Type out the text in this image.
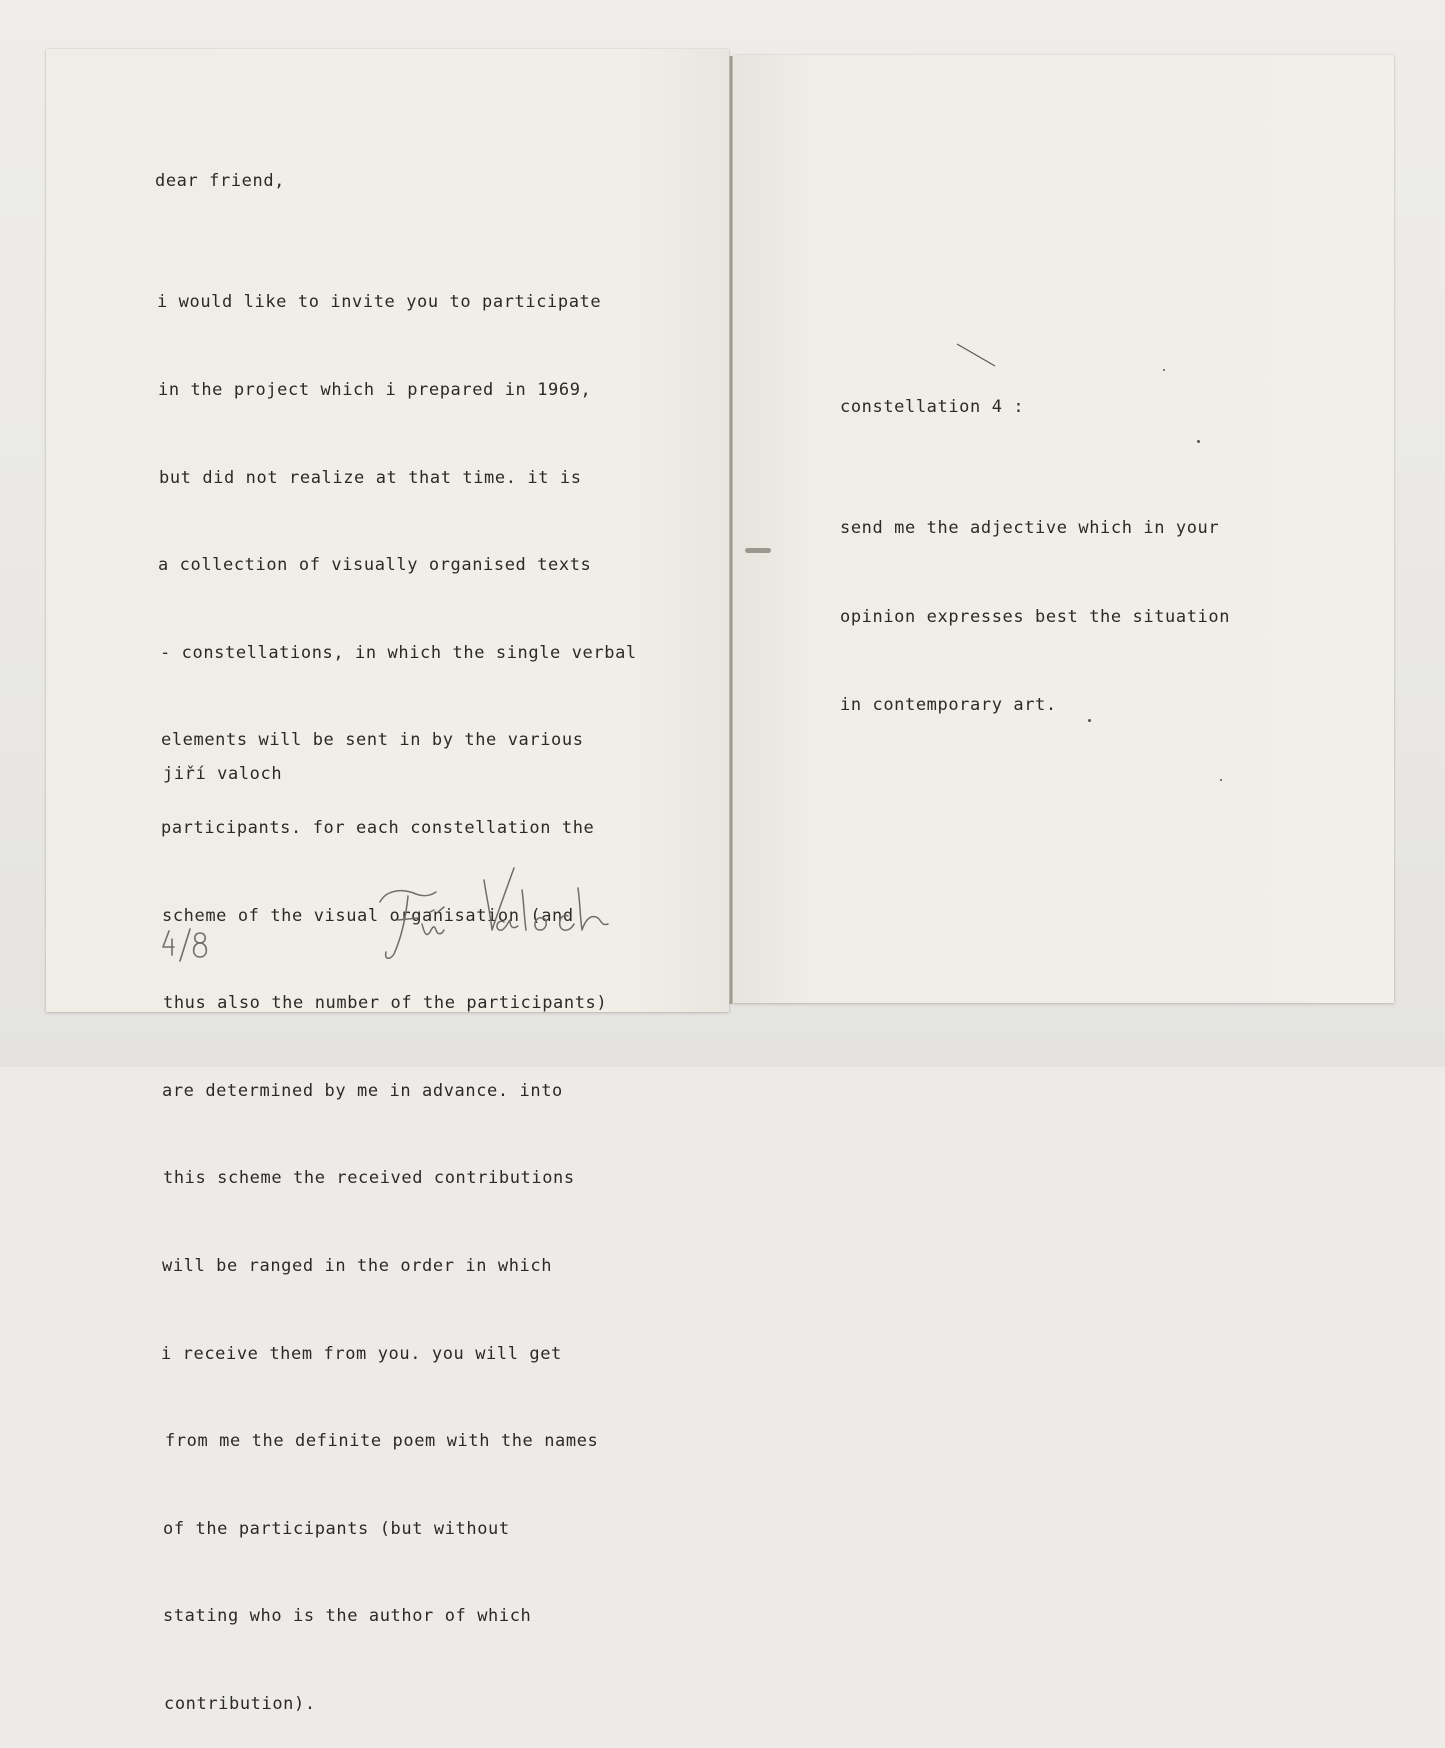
dear friend,

i would like to invite you to participate

in the project which i prepared in 1969,

but did not realize at that time. it is

a collection of visually organised texts

- constellations, in which the single verbal

elements will be sent in by the various

participants. for each constellation the

scheme of the visual organisation (and

thus also the number of the participants)

are determined by me in advance. into

this scheme the received contributions

will be ranged in the order in which

i receive them from you. you will get

from me the definite poem with the names

of the participants (but without

stating who is the author of which

contribution).

jiří valoch

constellation 4 :

send me the adjective which in your

opinion expresses best the situation

in contemporary art.
